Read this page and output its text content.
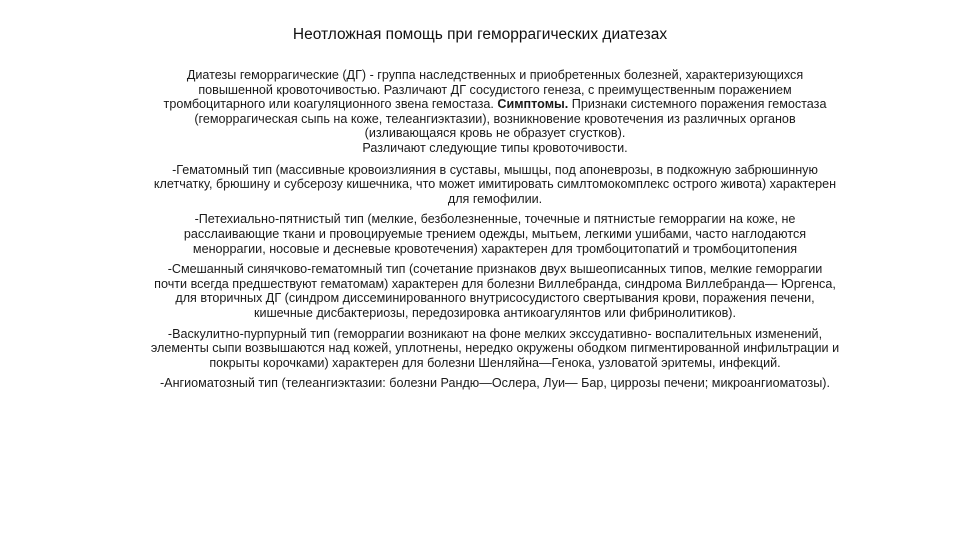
Неотложная помощь при геморрагических диатезах

Диатезы геморрагические (ДГ) - группа наследственных и приобретенных болезней, характеризующихся повышенной кровоточивостью. Различают ДГ сосудистого генеза, с преимущественным поражением тромбоцитарного или коагуляционного звена гемостаза. Симптомы. Признаки системного поражения гемостаза (геморрагическая сыпь на коже, телеангиэктазии), возникновение кровотечения из различных органов (изливающаяся кровь не образует сгустков).
Различают следующие типы кровоточивости.

-Гематомный тип (массивные кровоизлияния в суставы, мышцы, под апоневрозы, в подкожную забрюшинную клетчатку, брюшину и субсерозу кишечника, что может имитировать симлтомокомплекс острого живота) характерен для гемофилии.

-Петехиально-пятнистый тип (мелкие, безболезненные, точечные и пятнистые геморрагии на коже, не расслаивающие ткани и провоцируемые трением одежды, мытьем, легкими ушибами, часто наглодаются меноррагии, носовые и десневые кровотечения) характерен для тромбоцитопатий и тромбоцитопения

-Смешанный синячково-гематомный тип (сочетание признаков двух вышеописанных типов, мелкие геморрагии почти всегда предшествуют гематомам) характерен для болезни Виллебранда, синдрома Виллебранда— Юргенса, для вторичных ДГ (синдром диссеминированного внутрисосудистого свертывания крови, поражения печени, кишечные дисбактериозы, передозировка антикоагулянтов или фибринолитиков).

-Васкулитно-пурпурный тип (геморрагии возникают на фоне мелких экссудативно- воспалительных изменений, элементы сыпи возвышаются над кожей, уплотнены, нередко окружены ободком пигментированной инфильтрации и покрыты корочками) характерен для болезни Шенляйна—Генока, узловатой эритемы, инфекций.

-Ангиоматозный тип (телеангиэктазии: болезни Рандю—Ослера, Луи— Бар, циррозы печени; микроангиоматозы).
